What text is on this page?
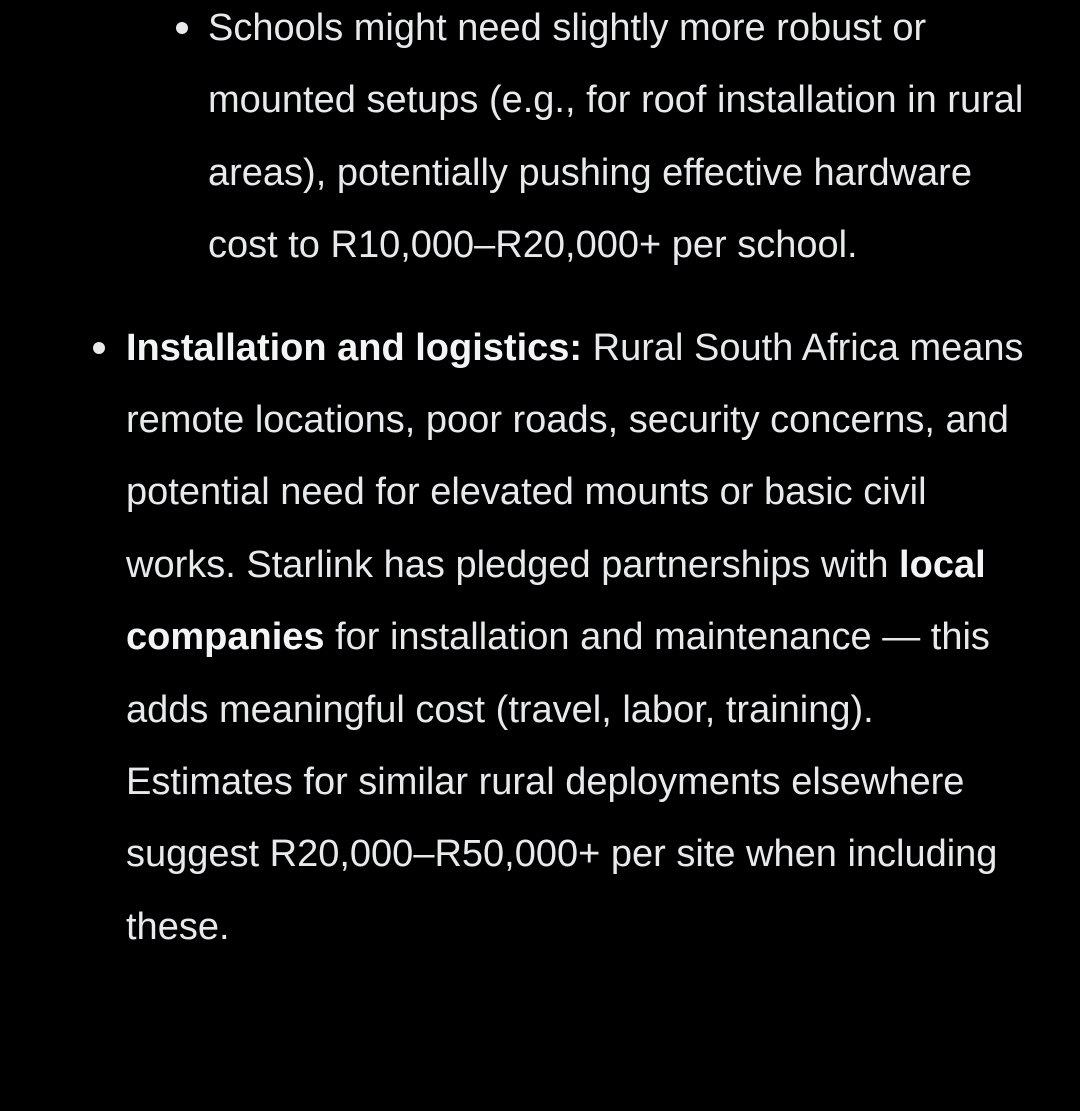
Schools might need slightly more robust or mounted setups (e.g., for roof installation in rural areas), potentially pushing effective hardware cost to R10,000–R20,000+ per school.
Installation and logistics: Rural South Africa means remote locations, poor roads, security concerns, and potential need for elevated mounts or basic civil works. Starlink has pledged partnerships with local companies for installation and maintenance — this adds meaningful cost (travel, labor, training). Estimates for similar rural deployments elsewhere suggest R20,000–R50,000+ per site when including these.
